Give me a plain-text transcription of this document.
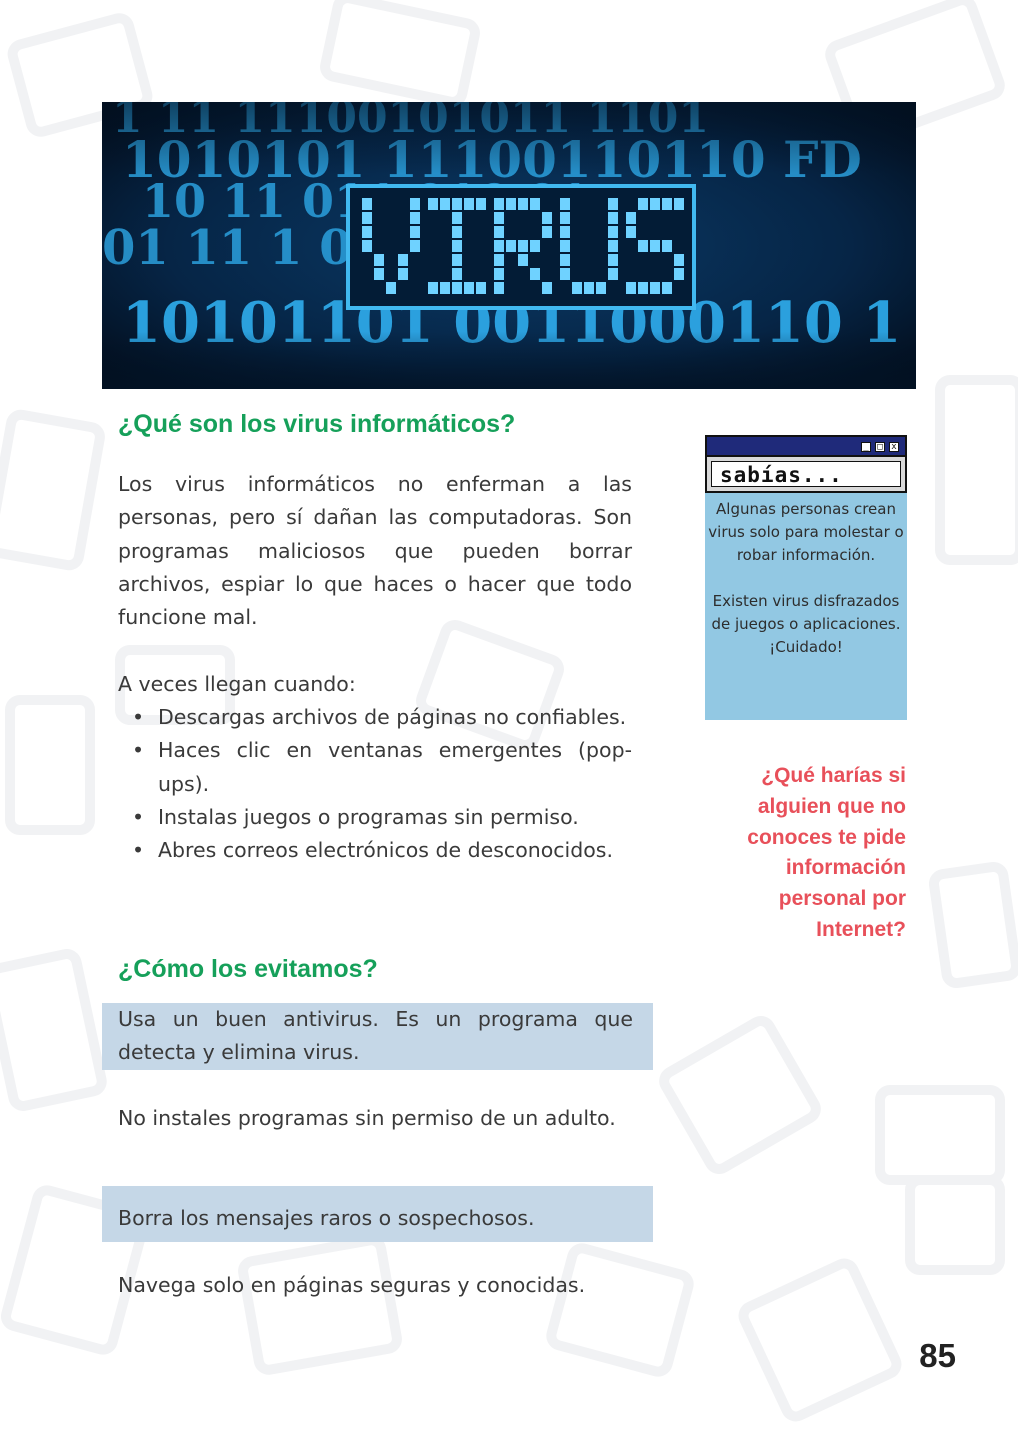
¿Qué son los virus informáticos?
Los virus informáticos no enferman a las personas, pero sí dañan las computadoras. Son programas maliciosos que pueden borrar archivos, espiar lo que haces o hacer que todo funcione mal.
A veces llegan cuando:
• Descargas archivos de páginas no confiables.
• Haces clic en ventanas emergentes (pop-ups).
• Instalas juegos o programas sin permiso.
• Abres correos electrónicos de desconocidos.
¿Cómo los evitamos?
Usa un buen antivirus. Es un programa que detecta y elimina virus.
No instales programas sin permiso de un adulto.
Borra los mensajes raros o sospechosos.
Navega solo en páginas seguras y conocidas.
_ □ x
sabías...

Algunas personas crean virus solo para molestar o robar información.

Existen virus disfrazados de juegos o aplicaciones. ¡Cuidado!

¿Qué harías si alguien que no conoces te pide información personal por Internet?
85
